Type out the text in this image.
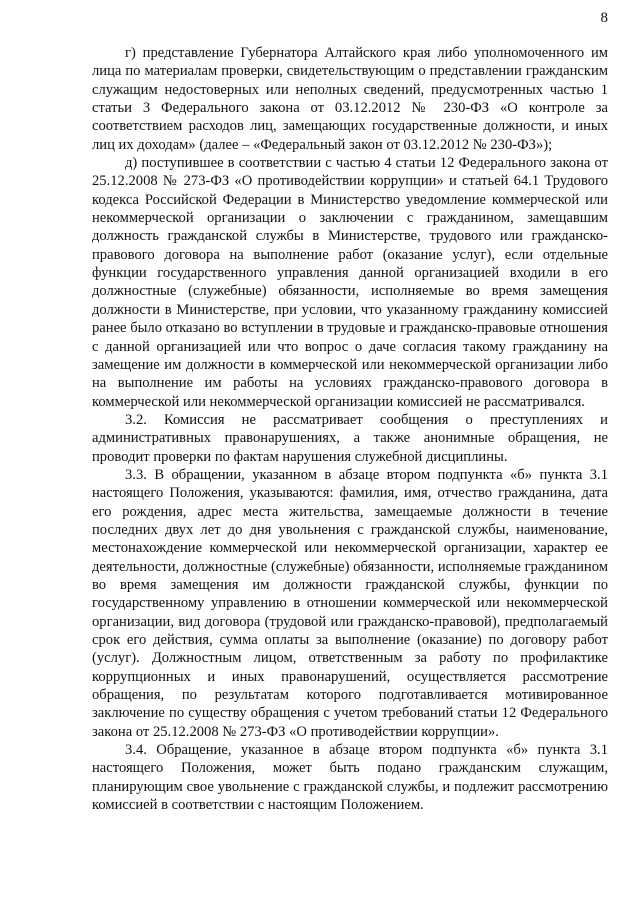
8

г) представление Губернатора Алтайского края либо уполномоченного им лица по материалам проверки, свидетельствующим о представлении гражданским служащим недостоверных или неполных сведений, предусмотренных частью 1 статьи 3 Федерального закона от 03.12.2012 № 230-ФЗ «О контроле за соответствием расходов лиц, замещающих государственные должности, и иных лиц их доходам» (далее – «Федеральный закон от 03.12.2012 № 230-ФЗ»);

д) поступившее в соответствии с частью 4 статьи 12 Федерального закона от 25.12.2008 № 273-ФЗ «О противодействии коррупции» и статьей 64.1 Трудового кодекса Российской Федерации в Министерство уведомление коммерческой или некоммерческой организации о заключении с гражданином, замещавшим должность гражданской службы в Министерстве, трудового или гражданско-правового договора на выполнение работ (оказание услуг), если отдельные функции государственного управления данной организацией входили в его должностные (служебные) обязанности, исполняемые во время замещения должности в Министерстве, при условии, что указанному гражданину комиссией ранее было отказано во вступлении в трудовые и гражданско-правовые отношения с данной организацией или что вопрос о даче согласия такому гражданину на замещение им должности в коммерческой или некоммерческой организации либо на выполнение им работы на условиях гражданско-правового договора в коммерческой или некоммерческой организации комиссией не рассматривался.

3.2. Комиссия не рассматривает сообщения о преступлениях и административных правонарушениях, а также анонимные обращения, не проводит проверки по фактам нарушения служебной дисциплины.

3.3. В обращении, указанном в абзаце втором подпункта «б» пункта 3.1 настоящего Положения, указываются: фамилия, имя, отчество гражданина, дата его рождения, адрес места жительства, замещаемые должности в течение последних двух лет до дня увольнения с гражданской службы, наименование, местонахождение коммерческой или некоммерческой организации, характер ее деятельности, должностные (служебные) обязанности, исполняемые гражданином во время замещения им должности гражданской службы, функции по государственному управлению в отношении коммерческой или некоммерческой организации, вид договора (трудовой или гражданско-правовой), предполагаемый срок его действия, сумма оплаты за выполнение (оказание) по договору работ (услуг). Должностным лицом, ответственным за работу по профилактике коррупционных и иных правонарушений, осуществляется рассмотрение обращения, по результатам которого подготавливается мотивированное заключение по существу обращения с учетом требований статьи 12 Федерального закона от 25.12.2008 № 273-ФЗ «О противодействии коррупции».

3.4. Обращение, указанное в абзаце втором подпункта «б» пункта 3.1 настоящего Положения, может быть подано гражданским служащим, планирующим свое увольнение с гражданской службы, и подлежит рассмотрению комиссией в соответствии с настоящим Положением.
